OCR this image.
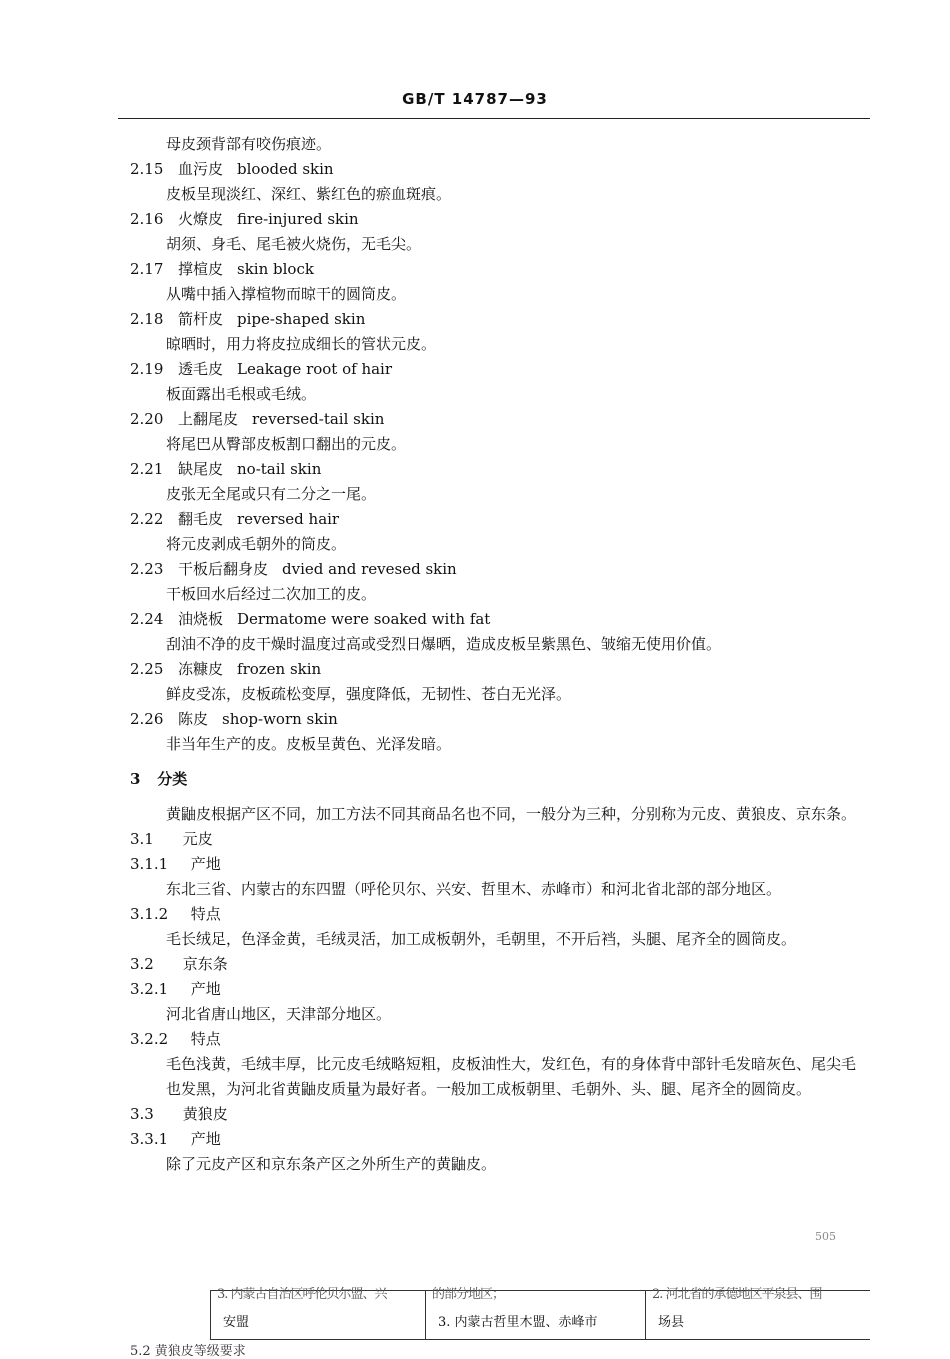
GB/T 14787—93
母皮颈背部有咬伤痕迹。
2.15 血污皮 blooded skin
皮板呈现淡红、深红、紫红色的瘀血斑痕。
2.16 火燎皮 fire-injured skin
胡须、身毛、尾毛被火烧伤，无毛尖。
2.17 撑楦皮 skin block
从嘴中插入撑楦物而晾干的圆筒皮。
2.18 箭杆皮 pipe-shaped skin
晾晒时，用力将皮拉成细长的管状元皮。
2.19 透毛皮 Leakage root of hair
板面露出毛根或毛绒。
2.20 上翻尾皮 reversed-tail skin
将尾巴从臀部皮板割口翻出的元皮。
2.21 缺尾皮 no-tail skin
皮张无全尾或只有二分之一尾。
2.22 翻毛皮 reversed hair
将元皮剥成毛朝外的筒皮。
2.23 干板后翻身皮 dvied and revesed skin
干板回水后经过二次加工的皮。
2.24 油烧板 Dermatome were soaked with fat
刮油不净的皮干燥时温度过高或受烈日爆晒，造成皮板呈紫黑色、皱缩无使用价值。
2.25 冻糠皮 frozen skin
鲜皮受冻，皮板疏松变厚，强度降低，无韧性、苍白无光泽。
2.26 陈皮 shop-worn skin
非当年生产的皮。皮板呈黄色、光泽发暗。
3 分类
黄鼬皮根据产区不同，加工方法不同其商品名也不同，一般分为三种，分别称为元皮、黄狼皮、京东条。
3.1 元皮
3.1.1 产地
东北三省、内蒙古的东四盟（呼伦贝尔、兴安、哲里木、赤峰市）和河北省北部的部分地区。
3.1.2 特点
毛长绒足，色泽金黄，毛绒灵活，加工成板朝外，毛朝里，不开后裆，头腿、尾齐全的圆筒皮。
3.2 京东条
3.2.1 产地
河北省唐山地区，天津部分地区。
3.2.2 特点
毛色浅黄，毛绒丰厚，比元皮毛绒略短粗，皮板油性大，发红色，有的身体背中部针毛发暗灰色、尾尖毛也发黑，为河北省黄鼬皮质量为最好者。一般加工成板朝里、毛朝外、头、腿、尾齐全的圆筒皮。
3.3 黄狼皮
3.3.1 产地
除了元皮产区和京东条产区之外所生产的黄鼬皮。
505
3. 内蒙古自治区呼伦贝尔盟、兴
安盟
的部分地区；
3. 内蒙古哲里木盟、赤峰市
2. 河北省的承德地区平泉县、围
场县
5.2 黄狼皮等级要求
